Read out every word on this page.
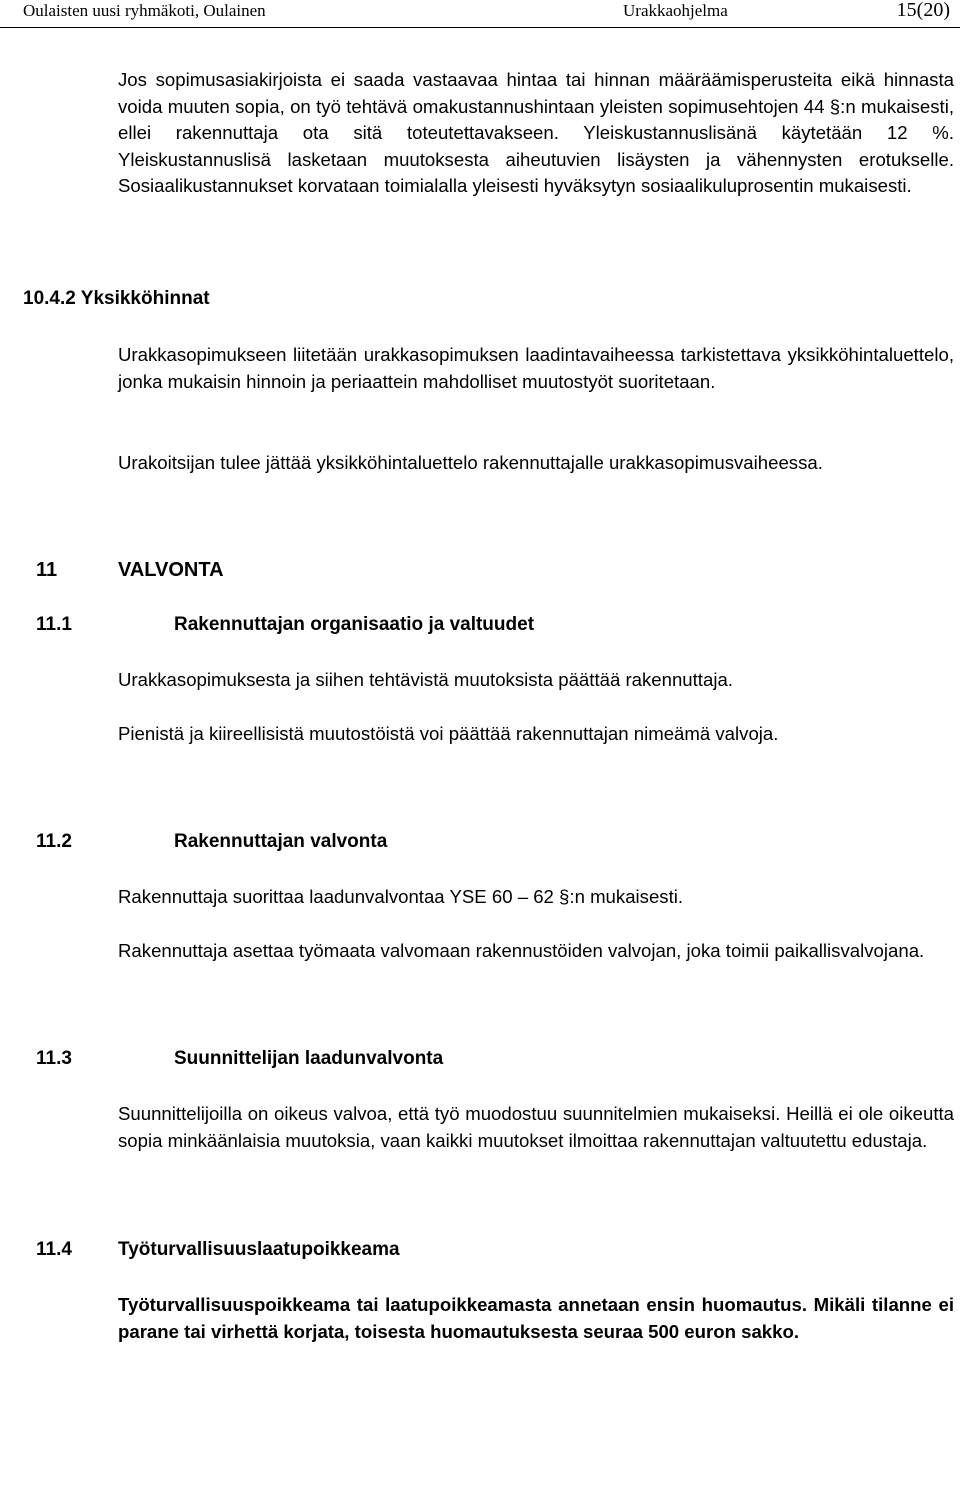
Oulaisten uusi ryhmäkoti, Oulainen	Urakkaohjelma	15(20)

Jos sopimusasiakirjoista ei saada vastaavaa hintaa tai hinnan määräämisperusteita eikä hinnasta voida muuten sopia, on työ tehtävä omakustannushintaan yleisten sopimusehtojen 44 §:n mukaisesti, ellei rakennuttaja ota sitä toteutettavakseen. Yleiskustannuslisänä käytetään 12 %. Yleiskustannuslisä lasketaan muutoksesta aiheutuvien lisäysten ja vähennysten erotukselle. Sosiaalikustannukset korvataan toimialalla yleisesti hyväksytyn sosiaalikuluprosentin mukaisesti.

10.4.2 Yksikköhinnat

Urakkasopimukseen liitetään urakkasopimuksen laadintavaiheessa tarkistettava yksikköhintaluettelo, jonka mukaisin hinnoin ja periaattein mahdolliset muutostyöt suoritetaan.

Urakoitsijan tulee jättää yksikköhintaluettelo rakennuttajalle urakkasopimusvaiheessa.

11	VALVONTA
11.1	Rakennuttajan organisaatio ja valtuudet

Urakkasopimuksesta ja siihen tehtävistä muutoksista päättää rakennuttaja.

Pienistä ja kiireellisistä muutostöistä voi päättää rakennuttajan nimeämä valvoja.

11.2	Rakennuttajan valvonta

Rakennuttaja suorittaa laadunvalvontaa YSE 60 – 62 §:n mukaisesti.

Rakennuttaja asettaa työmaata valvomaan rakennustöiden valvojan, joka toimii paikallisvalvojana.

11.3	Suunnittelijan laadunvalvonta

Suunnittelijoilla on oikeus valvoa, että työ muodostuu suunnitelmien mukaiseksi. Heillä ei ole oikeutta sopia minkäänlaisia muutoksia, vaan kaikki muutokset ilmoittaa rakennuttajan valtuutettu edustaja.

11.4 Työturvallisuuslaatupoikkeama

Työturvallisuuspoikkeama tai laatupoikkeamasta annetaan ensin huomautus. Mikäli tilanne ei parane tai virhettä korjata, toisesta huomautuksesta seuraa 500 euron sakko.
